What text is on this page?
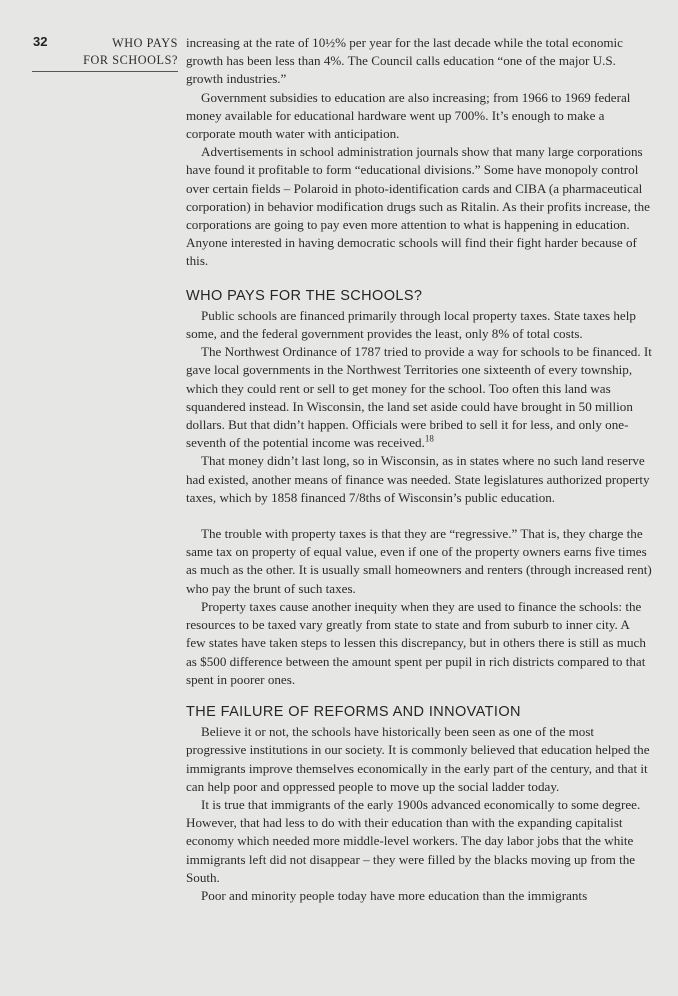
32	WHO PAYS
FOR SCHOOLS?

increasing at the rate of 10½% per year for the last decade while the total economic growth has been less than 4%. The Council calls education “one of the major U.S. growth industries.”

Government subsidies to education are also increasing; from 1966 to 1969 federal money available for educational hardware went up 700%. It’s enough to make a corporate mouth water with anticipation.

Advertisements in school administration journals show that many large corporations have found it profitable to form “educational divisions.” Some have monopoly control over certain fields – Polaroid in photo-identification cards and CIBA (a pharmaceutical corporation) in behavior modification drugs such as Ritalin. As their profits increase, the corporations are going to pay even more attention to what is happening in education. Anyone interested in having democratic schools will find their fight harder because of this.

WHO PAYS FOR THE SCHOOLS?

Public schools are financed primarily through local property taxes. State taxes help some, and the federal government provides the least, only 8% of total costs.

The Northwest Ordinance of 1787 tried to provide a way for schools to be financed. It gave local governments in the Northwest Territories one sixteenth of every township, which they could rent or sell to get money for the school. Too often this land was squandered instead. In Wisconsin, the land set aside could have brought in 50 million dollars. But that didn’t happen. Officials were bribed to sell it for less, and only one-seventh of the potential income was received.$^{18}$

That money didn’t last long, so in Wisconsin, as in states where no such land reserve had existed, another means of finance was needed. State legislatures authorized property taxes, which by 1858 financed 7/8ths of Wisconsin’s public education.

The trouble with property taxes is that they are “regressive.” That is, they charge the same tax on property of equal value, even if one of the property owners earns five times as much as the other. It is usually small homeowners and renters (through increased rent) who pay the brunt of such taxes.

Property taxes cause another inequity when they are used to finance the schools: the resources to be taxed vary greatly from state to state and from suburb to inner city. A few states have taken steps to lessen this discrepancy, but in others there is still as much as $500 difference between the amount spent per pupil in rich districts compared to that spent in poorer ones.

THE FAILURE OF REFORMS AND INNOVATION

Believe it or not, the schools have historically been seen as one of the most progressive institutions in our society. It is commonly believed that education helped the immigrants improve themselves economically in the early part of the century, and that it can help poor and oppressed people to move up the social ladder today.

It is true that immigrants of the early 1900s advanced economically to some degree. However, that had less to do with their education than with the expanding capitalist economy which needed more middle-level workers. The day labor jobs that the white immigrants left did not disappear – they were filled by the blacks moving up from the South.

Poor and minority people today have more education than the immigrants
